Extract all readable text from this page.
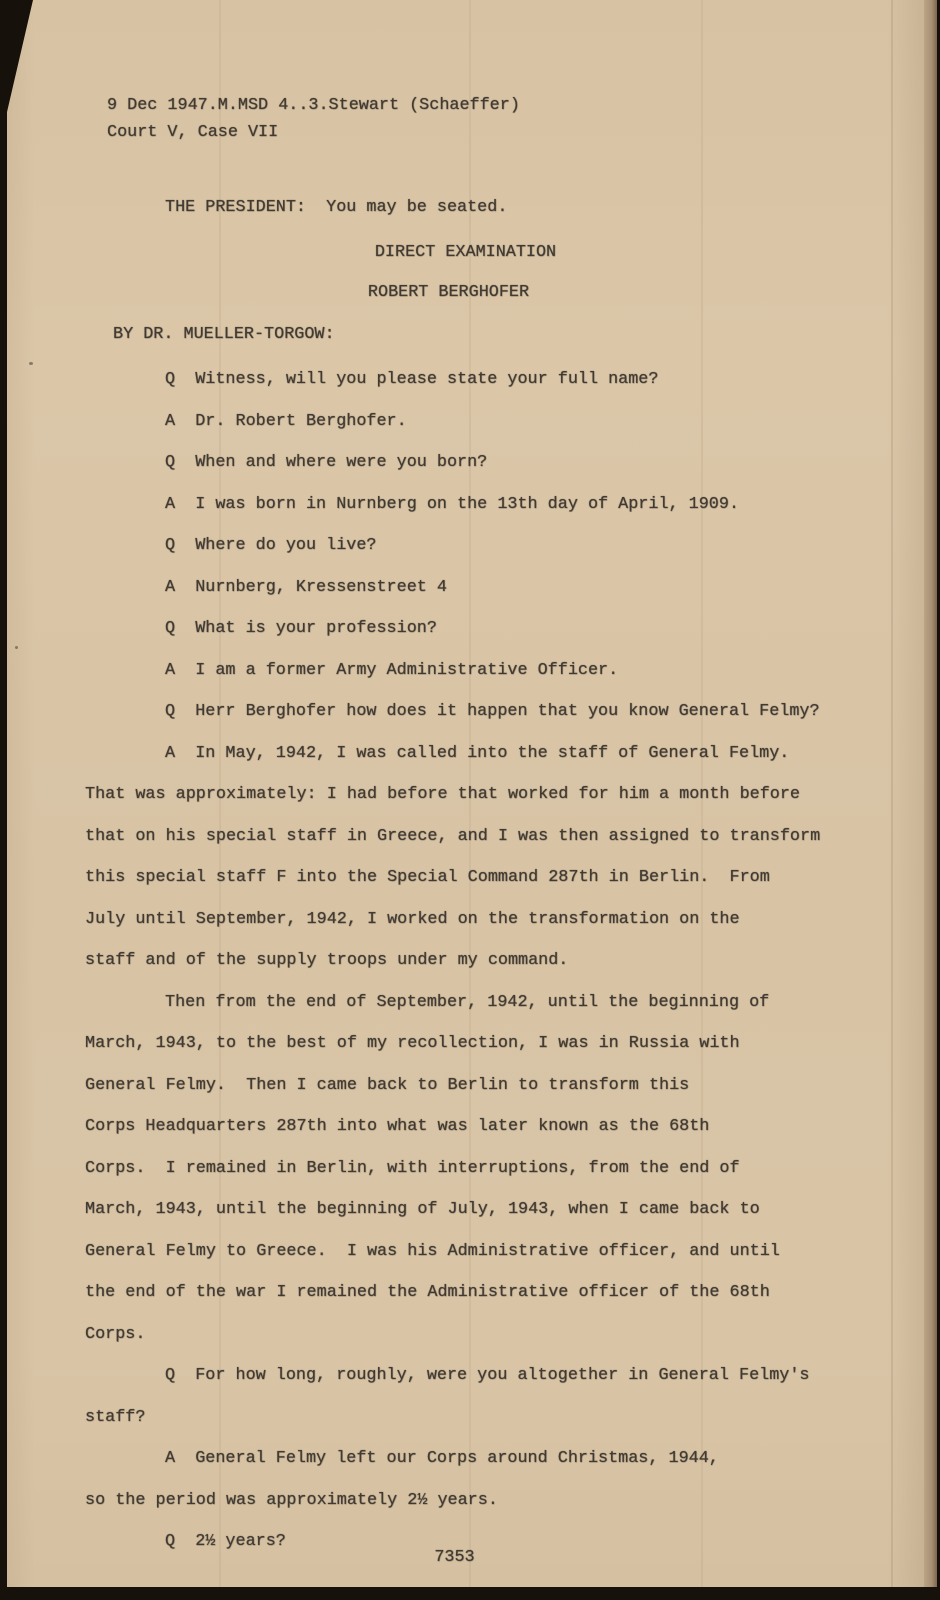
9 Dec 1947.M.MSD 4..3.Stewart (Schaeffer)
Court V, Case VII
THE PRESIDENT:  You may be seated.
DIRECT EXAMINATION
ROBERT BERGHOFER
BY DR. MUELLER-TORGOW:

Q  Witness, will you please state your full name?

A  Dr. Robert Berghofer.

Q  When and where were you born?

A  I was born in Nurnberg on the 13th day of April, 1909.

Q  Where do you live?

A  Nurnberg, Kressenstreet 4

Q  What is your profession?

A  I am a former Army Administrative Officer.

Q  Herr Berghofer how does it happen that you know General Felmy?

A  In May, 1942, I was called into the staff of General Felmy.

That was approximately: I had before that worked for him a month before

that on his special staff in Greece, and I was then assigned to transform

this special staff F into the Special Command 287th in Berlin.  From

July until September, 1942, I worked on the transformation on the

staff and of the supply troops under my command.

Then from the end of September, 1942, until the beginning of

March, 1943, to the best of my recollection, I was in Russia with

General Felmy.  Then I came back to Berlin to transform this

Corps Headquarters 287th into what was later known as the 68th

Corps.  I remained in Berlin, with interruptions, from the end of

March, 1943, until the beginning of July, 1943, when I came back to

General Felmy to Greece.  I was his Administrative officer, and until

the end of the war I remained the Administrative officer of the 68th

Corps.

Q  For how long, roughly, were you altogether in General Felmy's

staff?

A  General Felmy left our Corps around Christmas, 1944,

so the period was approximately 2½ years.

Q  2½ years?

7353
